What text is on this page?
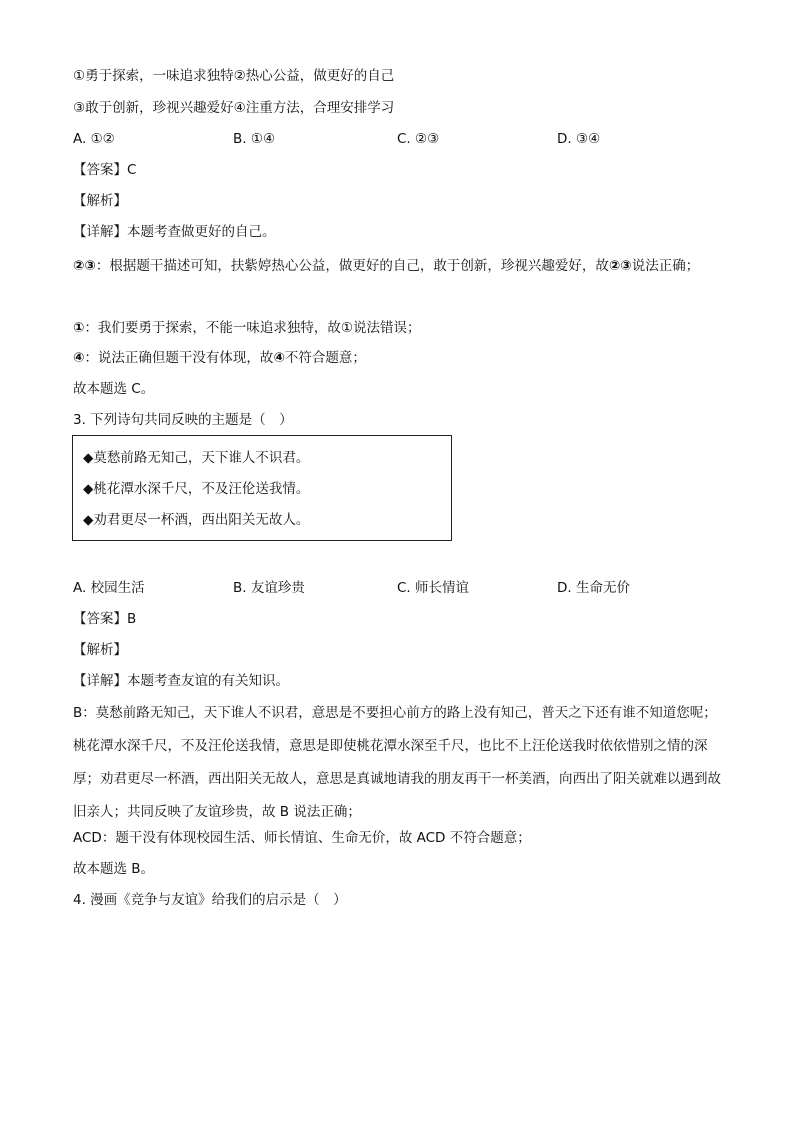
①勇于探索，一味追求独特②热心公益，做更好的自己
③敢于创新，珍视兴趣爱好④注重方法，合理安排学习
A. ①②	B. ①④	C. ②③	D. ③④
【答案】C
【解析】
【详解】本题考查做更好的自己。
②③：根据题干描述可知，扶紫婷热心公益，做更好的自己，敢于创新，珍视兴趣爱好，故②③说法正确；
①：我们要勇于探索，不能一味追求独特，故①说法错误；
④：说法正确但题干没有体现，故④不符合题意；
故本题选 C。
3. 下列诗句共同反映的主题是（　）
◆莫愁前路无知己，天下谁人不识君。
◆桃花潭水深千尺，不及汪伦送我情。
◆劝君更尽一杯酒，西出阳关无故人。
A. 校园生活	B. 友谊珍贵	C. 师长情谊	D. 生命无价
【答案】B
【解析】
【详解】本题考查友谊的有关知识。
B：莫愁前路无知己，天下谁人不识君，意思是不要担心前方的路上没有知己，普天之下还有谁不知道您呢；桃花潭水深千尺，不及汪伦送我情，意思是即使桃花潭水深至千尺，也比不上汪伦送我时依依惜别之情的深厚；劝君更尽一杯酒，西出阳关无故人，意思是真诚地请我的朋友再干一杯美酒，向西出了阳关就难以遇到故旧亲人；共同反映了友谊珍贵，故 B 说法正确；
ACD：题干没有体现校园生活、师长情谊、生命无价，故 ACD 不符合题意；
故本题选 B。
4. 漫画《竞争与友谊》给我们的启示是（　）
